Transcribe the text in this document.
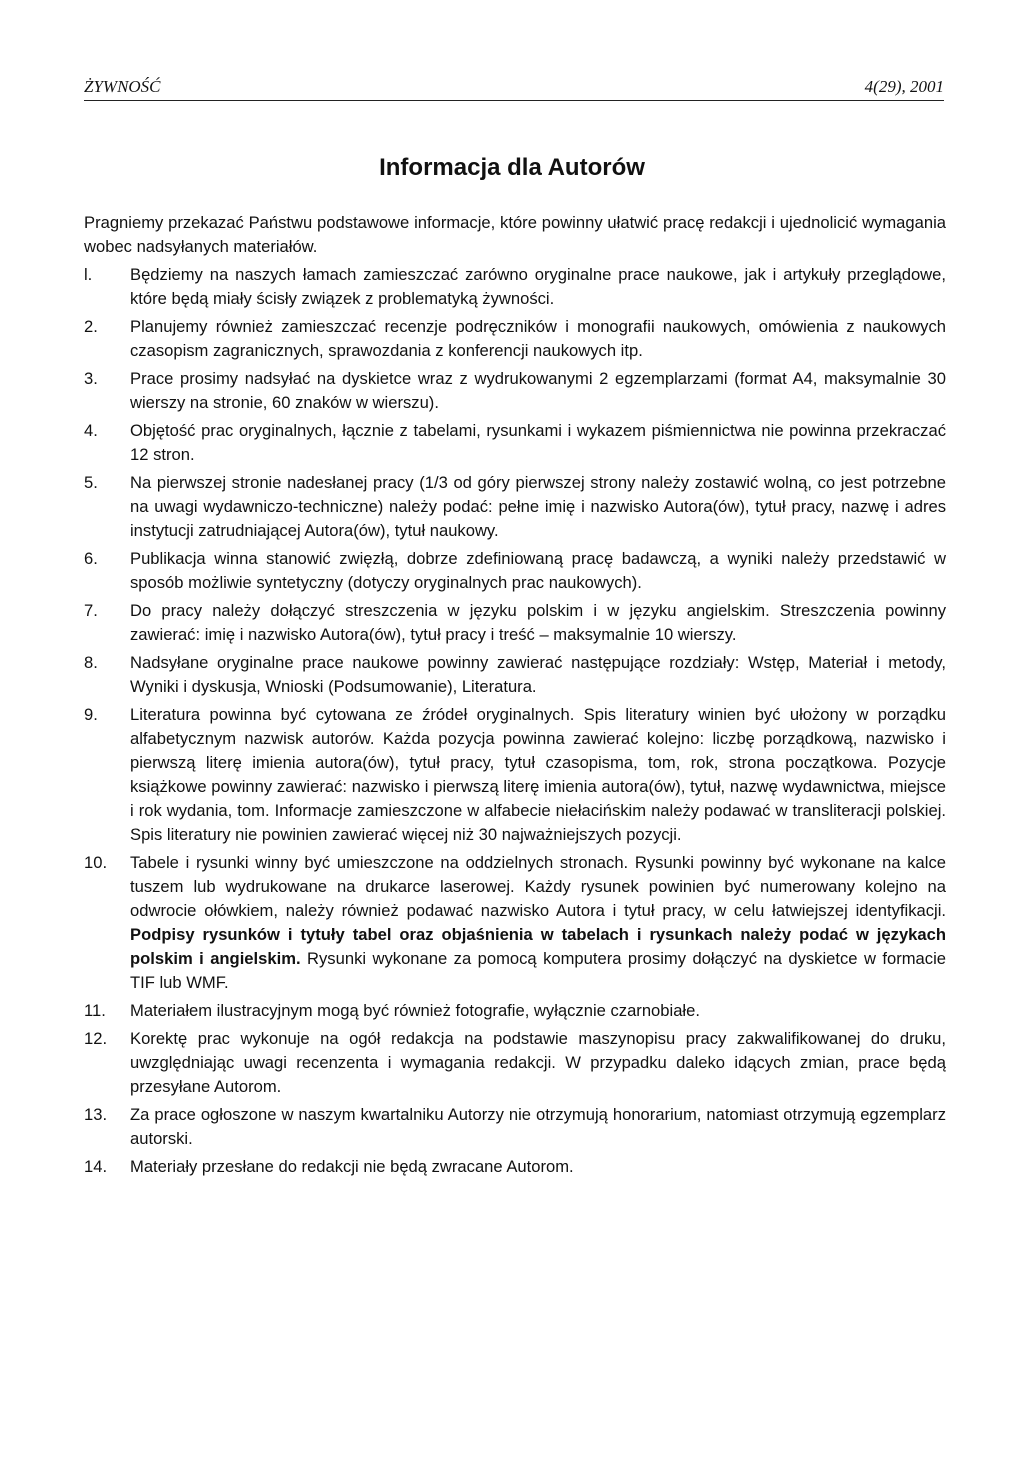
ŻYWNOŚĆ	4(29), 2001
Informacja dla Autorów

Pragniemy przekazać Państwu podstawowe informacje, które powinny ułatwić pracę redakcji i ujednolicić wymagania wobec nadsyłanych materiałów.

l.	Będziemy na naszych łamach zamieszczać zarówno oryginalne prace naukowe, jak i artykuły przeglądowe, które będą miały ścisły związek z problematyką żywności.
2.	Planujemy również zamieszczać recenzje podręczników i monografii naukowych, omówienia z naukowych czasopism zagranicznych, sprawozdania z konferencji naukowych itp.
3.	Prace prosimy nadsyłać na dyskietce wraz z wydrukowanymi 2 egzemplarzami (format A4, maksymalnie 30 wierszy na stronie, 60 znaków w wierszu).
4.	Objętość prac oryginalnych, łącznie z tabelami, rysunkami i wykazem piśmiennictwa nie powinna przekraczać 12 stron.
5.	Na pierwszej stronie nadesłanej pracy (1/3 od góry pierwszej strony należy zostawić wolną, co jest potrzebne na uwagi wydawniczo-techniczne) należy podać: pełne imię i nazwisko Autora(ów), tytuł pracy, nazwę i adres instytucji zatrudniającej Autora(ów), tytuł naukowy.
6.	Publikacja winna stanowić zwięzłą, dobrze zdefiniowaną pracę badawczą, a wyniki należy przedstawić w sposób możliwie syntetyczny (dotyczy oryginalnych prac naukowych).
7.	Do pracy należy dołączyć streszczenia w języku polskim i w języku angielskim. Streszczenia powinny zawierać: imię i nazwisko Autora(ów), tytuł pracy i treść – maksymalnie 10 wierszy.
8.	Nadsyłane oryginalne prace naukowe powinny zawierać następujące rozdziały: Wstęp, Materiał i metody, Wyniki i dyskusja, Wnioski (Podsumowanie), Literatura.
9.	Literatura powinna być cytowana ze źródeł oryginalnych. Spis literatury winien być ułożony w porządku alfabetycznym nazwisk autorów. Każda pozycja powinna zawierać kolejno: liczbę porządkową, nazwisko i pierwszą literę imienia autora(ów), tytuł pracy, tytuł czasopisma, tom, rok, strona początkowa. Pozycje książkowe powinny zawierać: nazwisko i pierwszą literę imienia autora(ów), tytuł, nazwę wydawnictwa, miejsce i rok wydania, tom. Informacje zamieszczone w alfabecie niełacińskim należy podawać w transliteracji polskiej. Spis literatury nie powinien zawierać więcej niż 30 najważniejszych pozycji.
10.	Tabele i rysunki winny być umieszczone na oddzielnych stronach. Rysunki powinny być wykonane na kalce tuszem lub wydrukowane na drukarce laserowej. Każdy rysunek powinien być numerowany kolejno na odwrocie ołówkiem, należy również podawać nazwisko Autora i tytuł pracy, w celu łatwiejszej identyfikacji. Podpisy rysunków i tytuły tabel oraz objaśnienia w tabelach i rysunkach należy podać w językach polskim i angielskim. Rysunki wykonane za pomocą komputera prosimy dołączyć na dyskietce w formacie TIF lub WMF.
11.	Materiałem ilustracyjnym mogą być również fotografie, wyłącznie czarnobiałe.
12.	Korektę prac wykonuje na ogół redakcja na podstawie maszynopisu pracy zakwalifikowanej do druku, uwzględniając uwagi recenzenta i wymagania redakcji. W przypadku daleko idących zmian, prace będą przesyłane Autorom.
13.	Za prace ogłoszone w naszym kwartalniku Autorzy nie otrzymują honorarium, natomiast otrzymują egzemplarz autorski.
14.	Materiały przesłane do redakcji nie będą zwracane Autorom.
